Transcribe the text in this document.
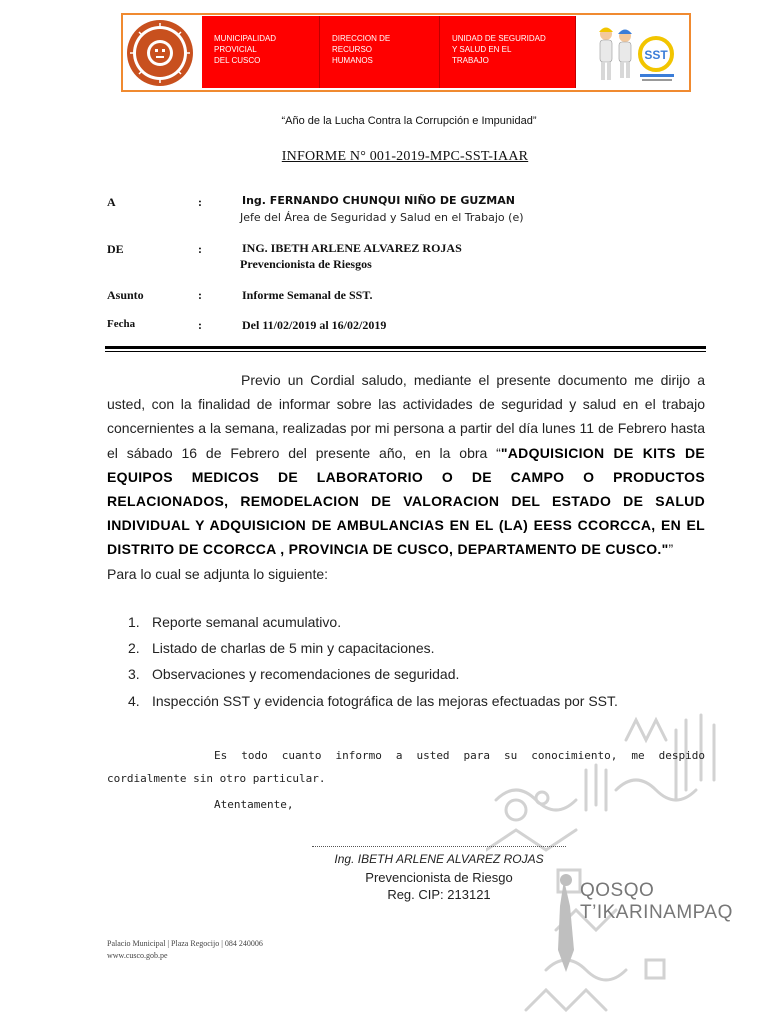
MUNICIPALIDAD
PROVICIAL
DEL CUSCO
DIRECCION DE
RECURSO
HUMANOS
UNIDAD DE SEGURIDAD
Y SALUD EN EL
TRABAJO	SST
“Año de la Lucha Contra la Corrupción e Impunidad”
INFORME N° 001-2019-MPC-SST-IAAR
A	:	Ing. FERNANDO CHUNQUI NIÑO DE GUZMAN
Jefe del Área de Seguridad y Salud en el Trabajo (e)
DE	:	ING. IBETH ARLENE ALVAREZ ROJAS
Prevencionista de Riesgos
Asunto	:	Informe Semanal de SST.
Fecha	:	Del 11/02/2019 al 16/02/2019
Previo un Cordial saludo, mediante el presente documento me dirijo a usted, con la finalidad de informar sobre las actividades de seguridad y salud en el trabajo concernientes a la semana, realizadas por mi persona a partir del día lunes 11 de Febrero hasta el sábado 16 de Febrero del presente año, en la obra “"ADQUISICION DE KITS DE EQUIPOS MEDICOS DE LABORATORIO O DE CAMPO O PRODUCTOS RELACIONADOS, REMODELACION DE VALORACION DEL ESTADO DE SALUD INDIVIDUAL Y ADQUISICION DE AMBULANCIAS EN EL (LA) EESS CCORCCA, EN EL DISTRITO DE CCORCCA , PROVINCIA DE CUSCO, DEPARTAMENTO DE CUSCO."”
Para lo cual se adjunta lo siguiente:
1. Reporte semanal acumulativo.
2. Listado de charlas de 5 min y capacitaciones.
3. Observaciones y recomendaciones de seguridad.
4. Inspección SST y evidencia fotográfica de las mejoras efectuadas por SST.
QOSQO
T’IKARINAMPAQ
Es todo cuanto informo a usted para su conocimiento, me despido cordialmente sin otro particular.
Atentamente,
Ing. IBETH ARLENE ALVAREZ ROJAS
Prevencionista de Riesgo
Reg. CIP: 213121
Palacio Municipal | Plaza Regocijo | 084 240006
www.cusco.gob.pe
